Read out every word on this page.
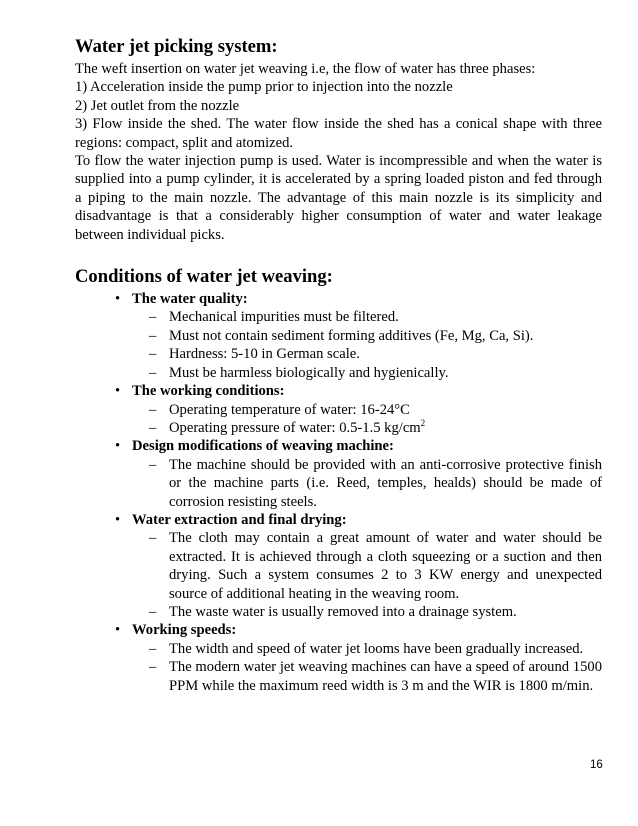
Water jet picking system:

The weft insertion on water jet weaving i.e, the flow of water has three phases:

1) Acceleration inside the pump prior to injection into the nozzle

2) Jet outlet from the nozzle

3) Flow inside the shed. The water flow inside the shed has a conical shape with three regions: compact, split and atomized.

To flow the water injection pump is used. Water is incompressible and when the water is supplied into a pump cylinder, it is accelerated by a spring loaded piston and fed through a piping to the main nozzle. The advantage of this main nozzle is its simplicity and disadvantage is that a considerably higher consumption of water and water leakage between individual picks.

Conditions of water jet weaving:
• The water quality:
– Mechanical impurities must be filtered.
– Must not contain sediment forming additives (Fe, Mg, Ca, Si).
– Hardness: 5-10 in German scale.
– Must be harmless biologically and hygienically.
• The working conditions:
– Operating temperature of water: 16-24°C
– Operating pressure of water: 0.5-1.5 $kg/cm^2$
• Design modifications of weaving machine:
– The machine should be provided with an anti-corrosive protective finish or the machine parts (i.e. Reed, temples, healds) should be made of corrosion resisting steels.
• Water extraction and final drying:
– The cloth may contain a great amount of water and water should be extracted. It is achieved through a cloth squeezing or a suction and then drying. Such a system consumes 2 to 3 KW energy and unexpected source of additional heating in the weaving room.
– The waste water is usually removed into a drainage system.
• Working speeds:
– The width and speed of water jet looms have been gradually increased.
– The modern water jet weaving machines can have a speed of around 1500 PPM while the maximum reed width is 3 m and the WIR is 1800 m/min.
16
